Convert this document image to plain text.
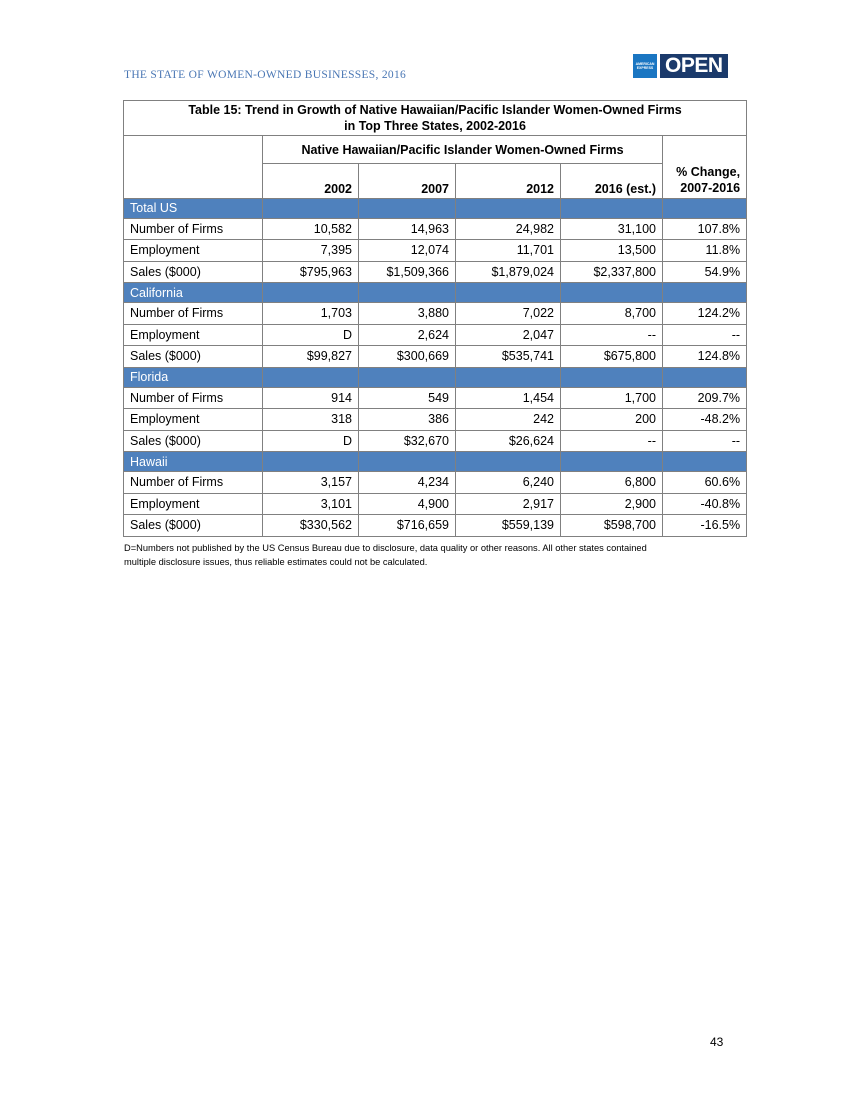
THE STATE OF WOMEN-OWNED BUSINESSES, 2016
AMERICAN
EXPRESS OPEN
Table 15: Trend in Growth of Native Hawaiian/Pacific Islander Women-Owned Firms
in Top Three States, 2002-2016					
	Native Hawaiian/Pacific Islander Women-Owned Firms				
	2002	2007	2012	2016 (est.)	% Change,
2007-2016
Total US					
Number of Firms	10,582	14,963	24,982	31,100	107.8%
Employment	7,395	12,074	11,701	13,500	11.8%
Sales ($000)	$795,963	$1,509,366	$1,879,024	$2,337,800	54.9%
California					
Number of Firms	1,703	3,880	7,022	8,700	124.2%
Employment	D	2,624	2,047	--	--
Sales ($000)	$99,827	$300,669	$535,741	$675,800	124.8%
Florida					
Number of Firms	914	549	1,454	1,700	209.7%
Employment	318	386	242	200	-48.2%
Sales ($000)	D	$32,670	$26,624	--	--
Hawaii					
Number of Firms	3,157	4,234	6,240	6,800	60.6%
Employment	3,101	4,900	2,917	2,900	-40.8%
Sales ($000)	$330,562	$716,659	$559,139	$598,700	-16.5%
D=Numbers not published by the US Census Bureau due to disclosure, data quality or other reasons. All other states contained
multiple disclosure issues, thus reliable estimates could not be calculated.
43
